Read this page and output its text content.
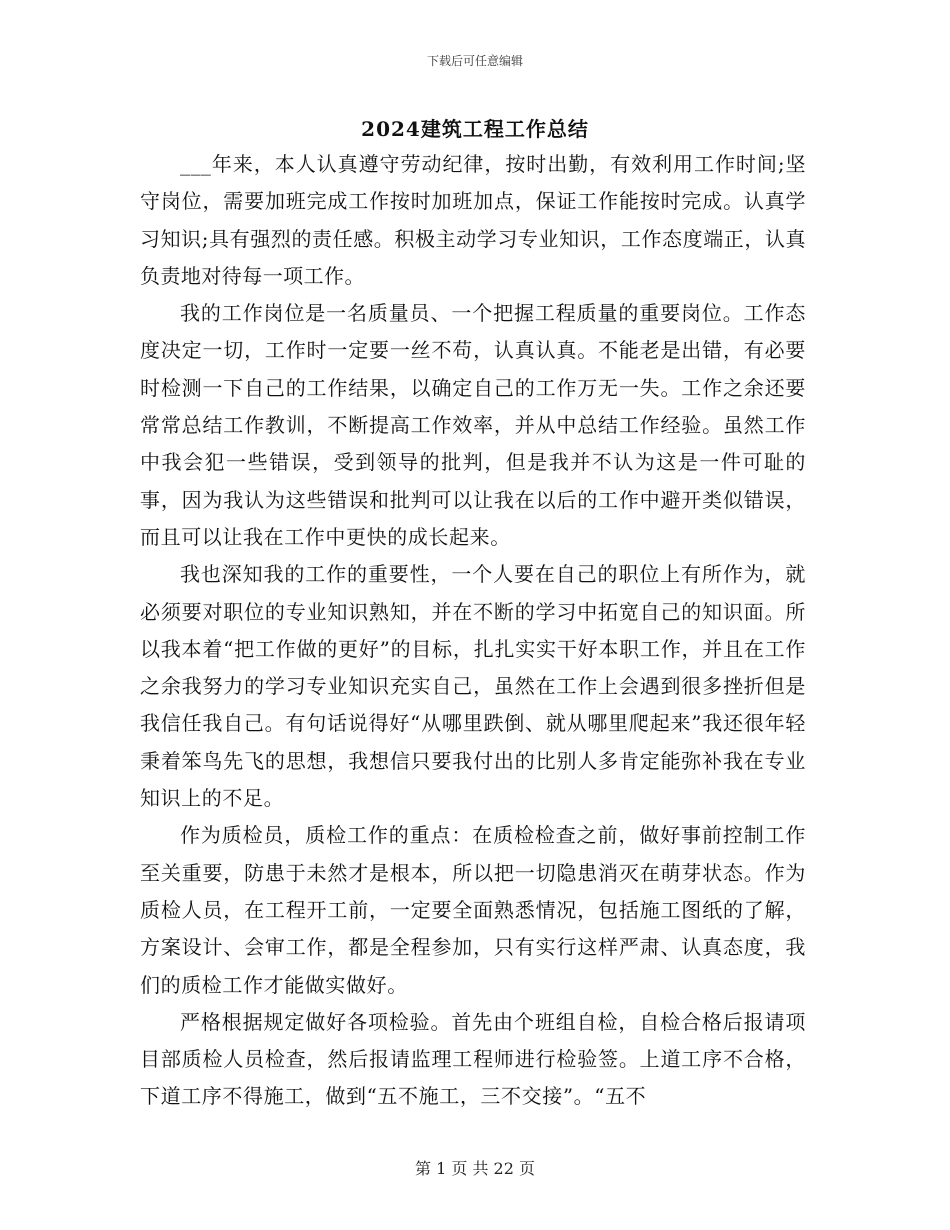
下载后可任意编辑
2024建筑工程工作总结

___年来，本人认真遵守劳动纪律，按时出勤，有效利用工作时间;坚守岗位，需要加班完成工作按时加班加点，保证工作能按时完成。认真学习知识;具有强烈的责任感。积极主动学习专业知识，工作态度端正，认真负责地对待每一项工作。

我的工作岗位是一名质量员、一个把握工程质量的重要岗位。工作态度决定一切，工作时一定要一丝不苟，认真认真。不能老是出错，有必要时检测一下自己的工作结果，以确定自己的工作万无一失。工作之余还要常常总结工作教训，不断提高工作效率，并从中总结工作经验。虽然工作中我会犯一些错误，受到领导的批判，但是我并不认为这是一件可耻的事，因为我认为这些错误和批判可以让我在以后的工作中避开类似错误，而且可以让我在工作中更快的成长起来。

我也深知我的工作的重要性，一个人要在自己的职位上有所作为，就必须要对职位的专业知识熟知，并在不断的学习中拓宽自己的知识面。所以我本着“把工作做的更好”的目标，扎扎实实干好本职工作，并且在工作之余我努力的学习专业知识充实自己，虽然在工作上会遇到很多挫折但是我信任我自己。有句话说得好“从哪里跌倒、就从哪里爬起来”我还很年轻秉着笨鸟先飞的思想，我想信只要我付出的比别人多肯定能弥补我在专业知识上的不足。

作为质检员，质检工作的重点：在质检检查之前，做好事前控制工作至关重要，防患于未然才是根本，所以把一切隐患消灭在萌芽状态。作为质检人员，在工程开工前，一定要全面熟悉情况，包括施工图纸的了解，方案设计、会审工作，都是全程参加，只有实行这样严肃、认真态度，我们的质检工作才能做实做好。

严格根据规定做好各项检验。首先由个班组自检，自检合格后报请项目部质检人员检查，然后报请监理工程师进行检验签。上道工序不合格，下道工序不得施工，做到“五不施工，三不交接”。“五不

第 1 页 共 22 页
